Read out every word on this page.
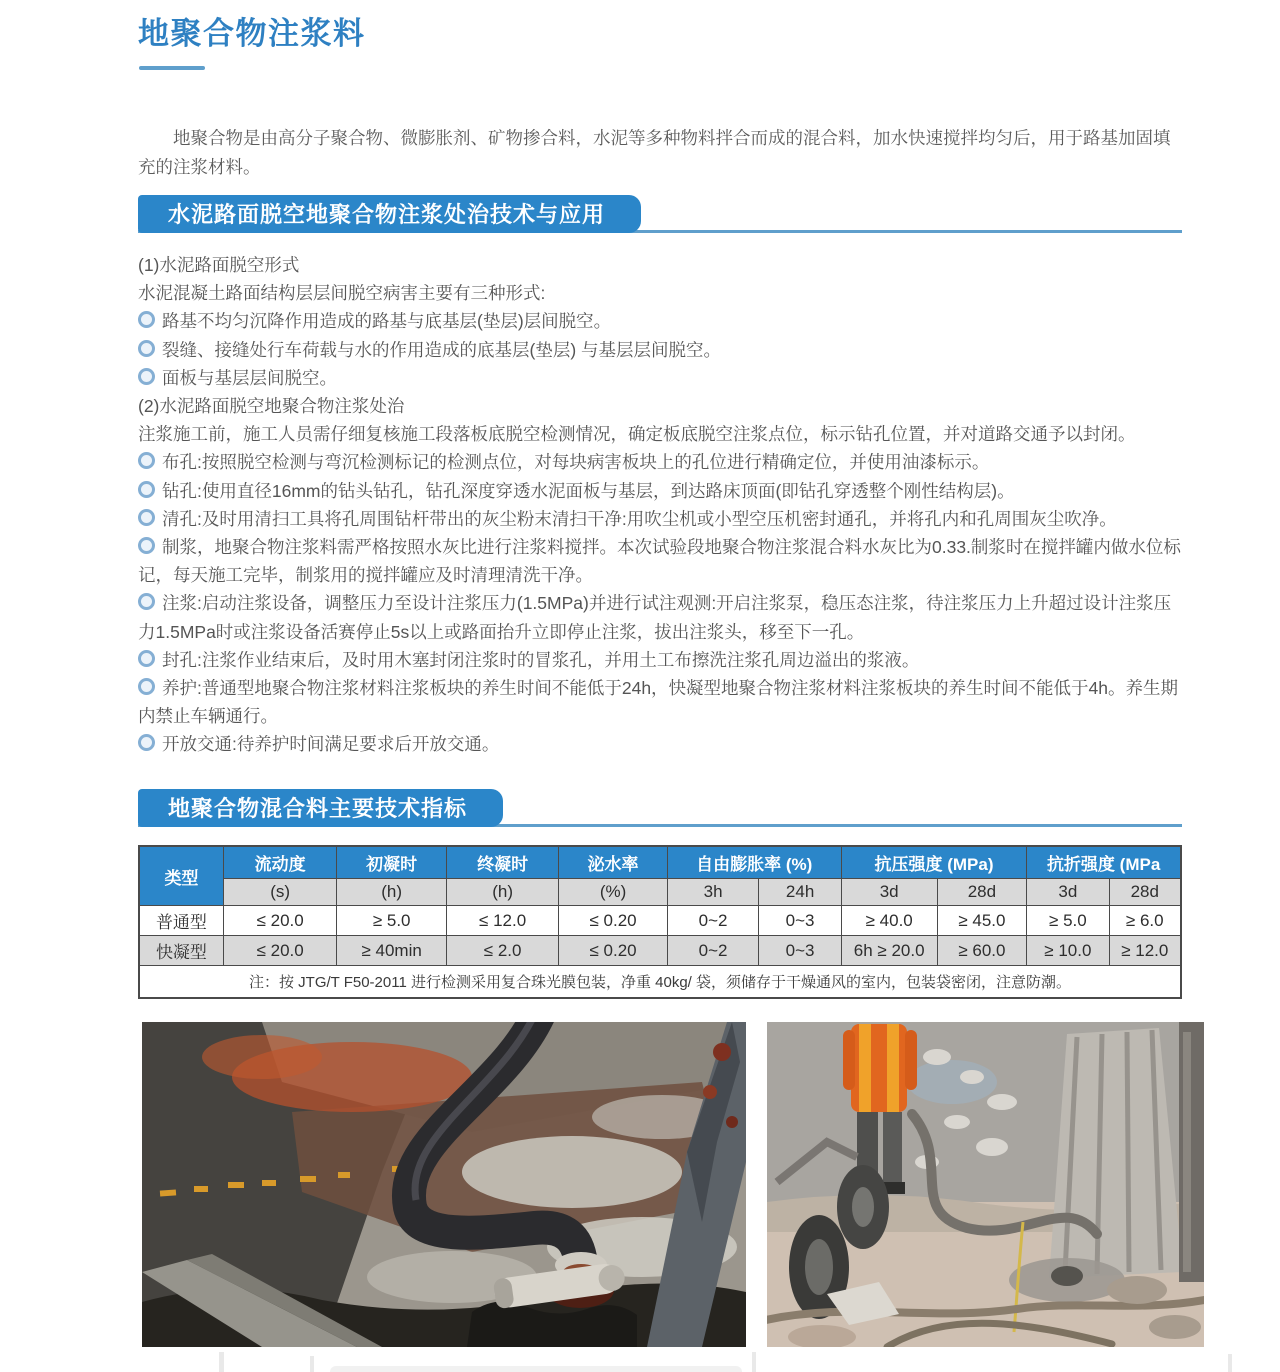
地聚合物注浆料

地聚合物是由高分子聚合物、微膨胀剂、矿物掺合料，水泥等多种物料拌合而成的混合料，加水快速搅拌均匀后，用于路基加固填充的注浆材料。

水泥路面脱空地聚合物注浆处治技术与应用
(1)水泥路面脱空形式
水泥混凝土路面结构层层间脱空病害主要有三种形式:
路基不均匀沉降作用造成的路基与底基层(垫层)层间脱空。
裂缝、接缝处行车荷载与水的作用造成的底基层(垫层) 与基层层间脱空。
面板与基层层间脱空。
(2)水泥路面脱空地聚合物注浆处治
注浆施工前，施工人员需仔细复核施工段落板底脱空检测情况，确定板底脱空注浆点位，标示钻孔位置，并对道路交通予以封闭。
布孔:按照脱空检测与弯沉检测标记的检测点位，对每块病害板块上的孔位进行精确定位，并使用油漆标示。
钻孔:使用直径16mm的钻头钻孔，钻孔深度穿透水泥面板与基层，到达路床顶面(即钻孔穿透整个刚性结构层)。
清孔:及时用清扫工具将孔周围钻杆带出的灰尘粉末清扫干净:用吹尘机或小型空压机密封通孔，并将孔内和孔周围灰尘吹净。
制浆，地聚合物注浆料需严格按照水灰比进行注浆料搅拌。本次试验段地聚合物注浆混合料水灰比为0.33.制浆时在搅拌罐内做水位标记，每天施工完毕，制浆用的搅拌罐应及时清理清洗干净。
注浆:启动注浆设备，调整压力至设计注浆压力(1.5MPa)并进行试注观测:开启注浆泵，稳压态注浆，待注浆压力上升超过设计注浆压力1.5MPa时或注浆设备活赛停止5s以上或路面抬升立即停止注浆，拔出注浆头，移至下一孔。
封孔:注浆作业结束后，及时用木塞封闭注浆时的冒浆孔，并用土工布擦洗注浆孔周边溢出的浆液。
养护:普通型地聚合物注浆材料注浆板块的养生时间不能低于24h，快凝型地聚合物注浆材料注浆板块的养生时间不能低于4h。养生期内禁止车辆通行。
开放交通:待养护时间满足要求后开放交通。
地聚合物混合料主要技术指标
类型	流动度	初凝时	终凝时	泌水率	自由膨胀率 (%)		抗压强度 (MPa)		抗折强度 (MPa	
	(s)	(h)	(h)	(%)	3h	24h	3d	28d	3d	28d
普通型	≤ 20.0	≥ 5.0	≤ 12.0	≤ 0.20	0~2	0~3	≥ 40.0	≥ 45.0	≥ 5.0	≥ 6.0
快凝型	≤ 20.0	≥ 40min	≤ 2.0	≤ 0.20	0~2	0~3	6h ≥ 20.0	≥ 60.0	≥ 10.0	≥ 12.0
注：按 JTG/T F50-2011 进行检测采用复合珠光膜包装，净重 40kg/ 袋，须储存于干燥通风的室内，包装袋密闭，注意防潮。										
